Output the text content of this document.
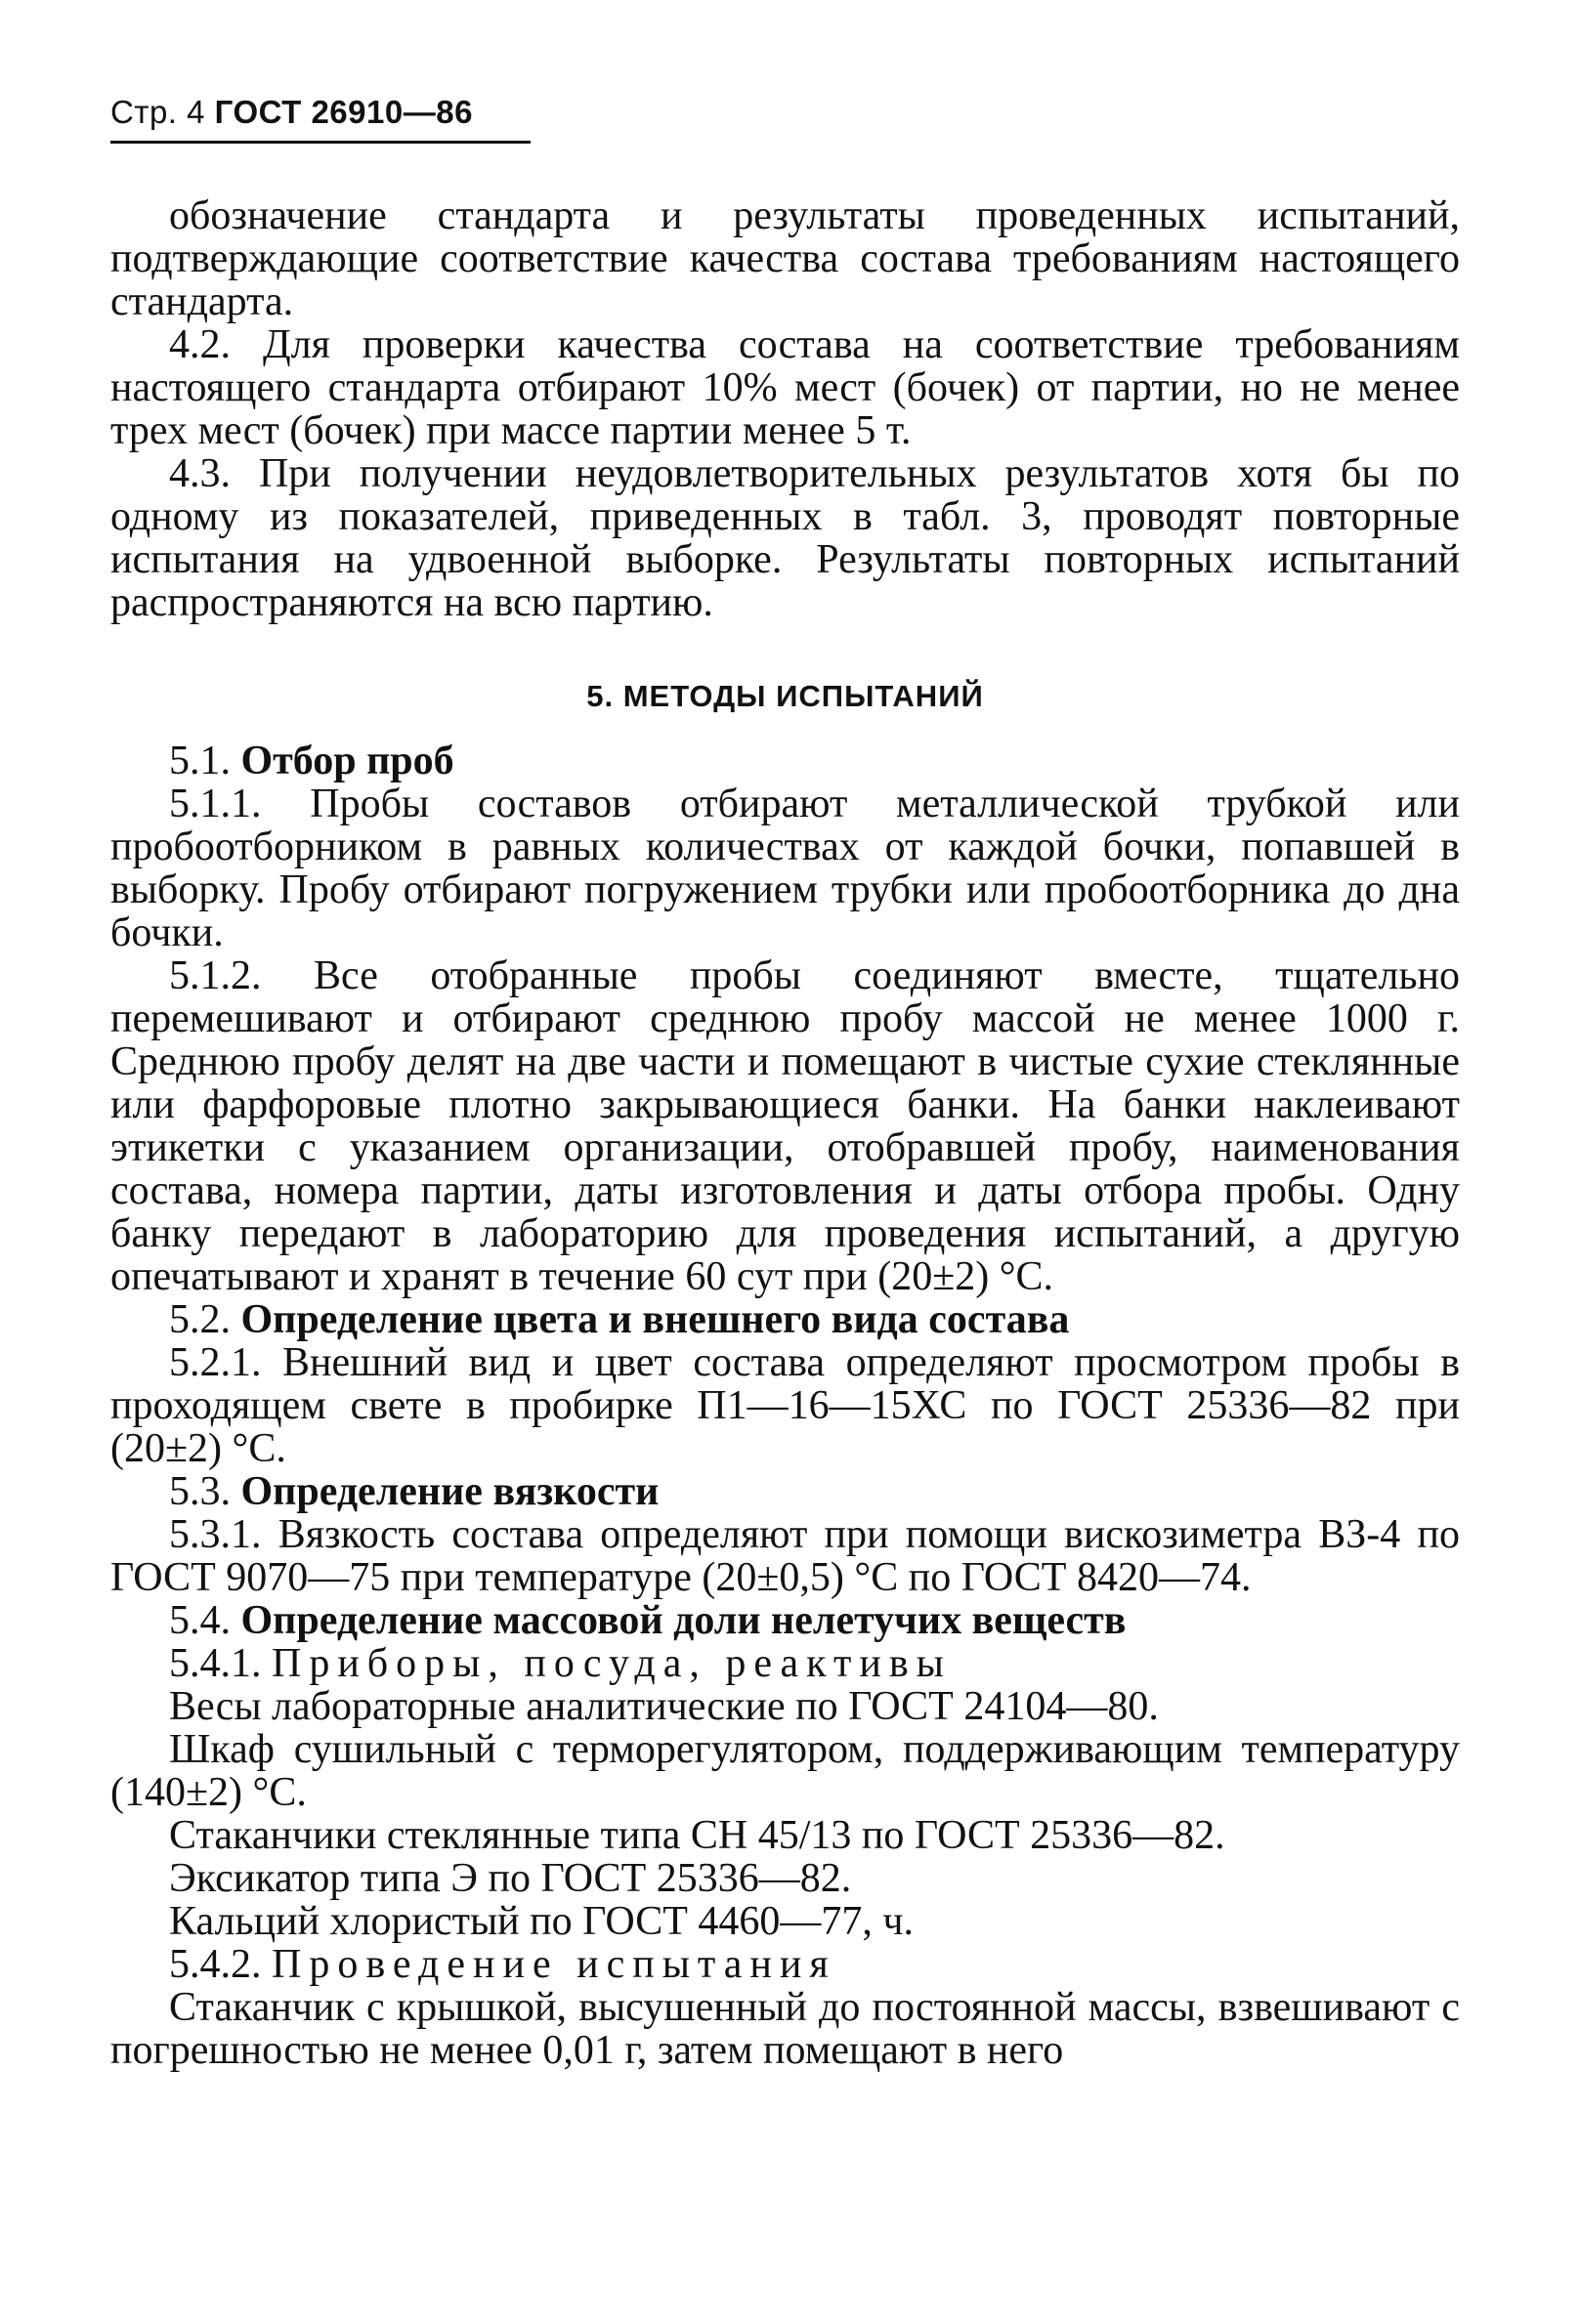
Стр. 4 ГОСТ 26910—86

обозначение стандарта и результаты проведенных испытаний, подтверждающие соответствие качества состава требованиям настоящего стандарта.

4.2. Для проверки качества состава на соответствие требованиям настоящего стандарта отбирают 10% мест (бочек) от партии, но не менее трех мест (бочек) при массе партии менее 5 т.

4.3. При получении неудовлетворительных результатов хотя бы по одному из показателей, приведенных в табл. 3, проводят повторные испытания на удвоенной выборке. Результаты повторных испытаний распространяются на всю партию.

5. МЕТОДЫ ИСПЫТАНИЙ

5.1. Отбор проб

5.1.1. Пробы составов отбирают металлической трубкой или пробоотборником в равных количествах от каждой бочки, попавшей в выборку. Пробу отбирают погружением трубки или пробоотборника до дна бочки.

5.1.2. Все отобранные пробы соединяют вместе, тщательно перемешивают и отбирают среднюю пробу массой не менее 1000 г. Среднюю пробу делят на две части и помещают в чистые сухие стеклянные или фарфоровые плотно закрывающиеся банки. На банки наклеивают этикетки с указанием организации, отобравшей пробу, наименования состава, номера партии, даты изготовления и даты отбора пробы. Одну банку передают в лабораторию для проведения испытаний, а другую опечатывают и хранят в течение 60 сут при (20±2) °С.

5.2. Определение цвета и внешнего вида состава

5.2.1. Внешний вид и цвет состава определяют просмотром пробы в проходящем свете в пробирке П1—16—15ХС по ГОСТ 25336—82 при (20±2) °С.

5.3. Определение вязкости

5.3.1. Вязкость состава определяют при помощи вискозиметра ВЗ-4 по ГОСТ 9070—75 при температуре (20±0,5) °С по ГОСТ 8420—74.

5.4. Определение массовой доли нелетучих веществ

5.4.1. Приборы, посуда, реактивы

Весы лабораторные аналитические по ГОСТ 24104—80.

Шкаф сушильный с терморегулятором, поддерживающим температуру (140±2) °С.

Стаканчики стеклянные типа СН 45/13 по ГОСТ 25336—82.

Эксикатор типа Э по ГОСТ 25336—82.

Кальций хлористый по ГОСТ 4460—77, ч.

5.4.2. Проведение испытания

Стаканчик с крышкой, высушенный до постоянной массы, взвешивают с погрешностью не менее 0,01 г, затем помещают в него
